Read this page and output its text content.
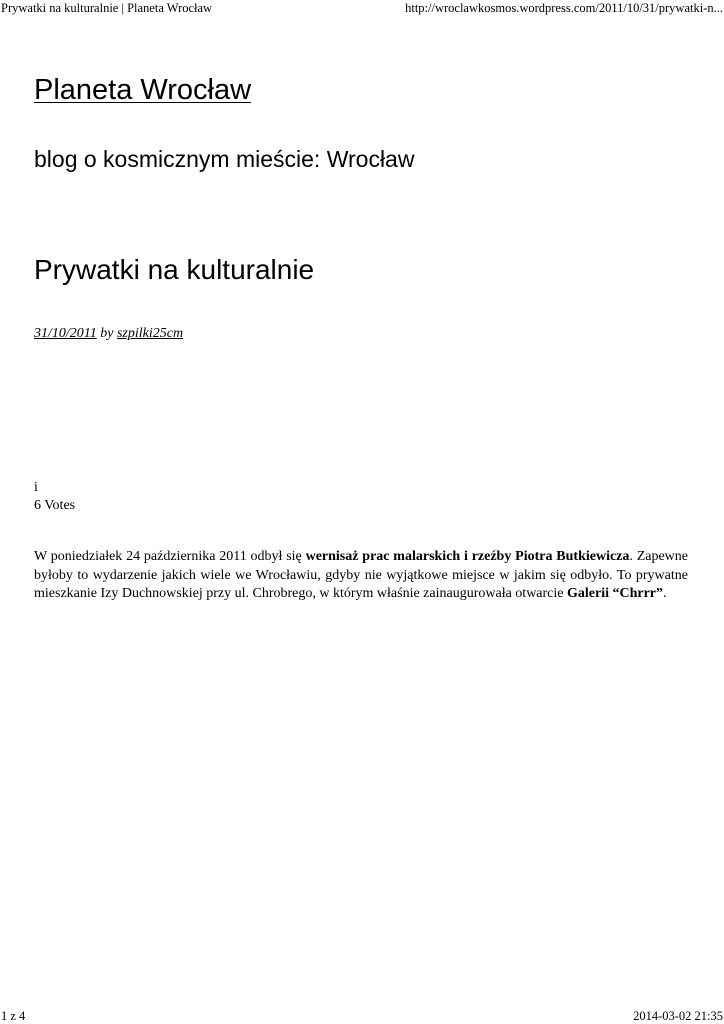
Prywatki na kulturalnie | Planeta Wrocław	http://wroclawkosmos.wordpress.com/2011/10/31/prywatki-n...
Planeta Wrocław
blog o kosmicznym mieście: Wrocław
Prywatki na kulturalnie
31/10/2011 by szpilki25cm
i
6 Votes

W poniedziałek 24 października 2011 odbył się wernisaż prac malarskich i rzeźby Piotra Butkiewicza. Zapewne byłoby to wydarzenie jakich wiele we Wrocławiu, gdyby nie wyjątkowe miejsce w jakim się odbyło. To prywatne mieszkanie Izy Duchnowskiej przy ul. Chrobrego, w którym właśnie zainaugurowała otwarcie Galerii “Chrrr”.

1 z 4	2014-03-02 21:35
